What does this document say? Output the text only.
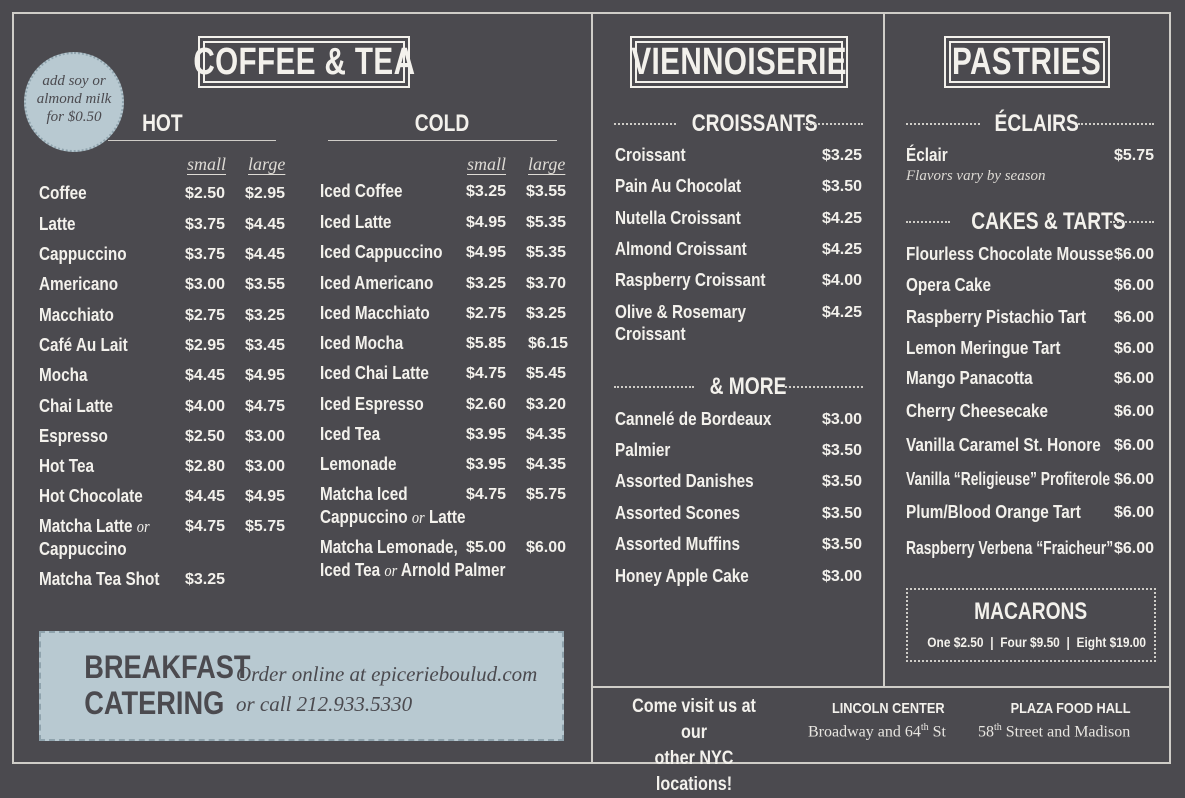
COFFEE & TEA
add soy or
almond milk
for $0.50	HOT	COLD
small large	small large
Coffee	$2.50 $2.95
Latte	$3.75 $4.45
Cappuccino	$3.75 $4.45
Americano	$3.00 $3.55
Macchiato	$2.75 $3.25
Café Au Lait	$2.95 $3.45
Mocha	$4.45 $4.95
Chai Latte	$4.00 $4.75
Espresso	$2.50 $3.00
Hot Tea	$2.80 $3.00
Hot Chocolate	$4.45 $4.95
Matcha Latte or
Cappuccino
$4.75 $5.75
Matcha Tea Shot	$3.25
Iced Coffee	$3.25 $3.55
Iced Latte	$4.95 $5.35
Iced Cappuccino	$4.95 $5.35
Iced Americano	$3.25 $3.70
Iced Macchiato	$2.75 $3.25
Iced Mocha	$5.85 $6.15
Iced Chai Latte	$4.75 $5.45
Iced Espresso	$2.60 $3.20
Iced Tea	$3.95 $4.35
Lemonade	$3.95 $4.35
Matcha Iced
Cappuccino or Latte
$4.75 $5.75
Matcha Lemonade,
Iced Tea or Arnold Palmer
$5.00 $6.00
BREAKFAST
CATERING
Order online at epicerieboulud.com
or call 212.933.5330
VIENNOISERIE
CROISSANTS
Croissant	$3.25
Pain Au Chocolat	$3.50
Nutella Croissant	$4.25
Almond Croissant	$4.25
Raspberry Croissant	$4.00
Olive & Rosemary
Croissant
$4.25
& MORE
Cannelé de Bordeaux	$3.00
Palmier	$3.50
Assorted Danishes	$3.50
Assorted Scones	$3.50
Assorted Muffins	$3.50
Honey Apple Cake	$3.00
PASTRIES
ÉCLAIRS
Éclair	$5.75
Flavors vary by season
CAKES & TARTS
Flourless Chocolate Mousse $6.00
Opera Cake	$6.00
Raspberry Pistachio Tart	$6.00
Lemon Meringue Tart	$6.00
Mango Panacotta	$6.00
Cherry Cheesecake	$6.00
Vanilla Caramel St. Honore $6.00
Vanilla “Religieuse” Profiterole $6.00
Plum/Blood Orange Tart	$6.00
Raspberry Verbena “Fraicheur” $6.00
MACARONS
One $2.50 | Four $9.50 | Eight $19.00
Come visit us at our
other NYC locations!
LINCOLN CENTER
Broadway and 64th St
PLAZA FOOD HALL
58th Street and Madison
